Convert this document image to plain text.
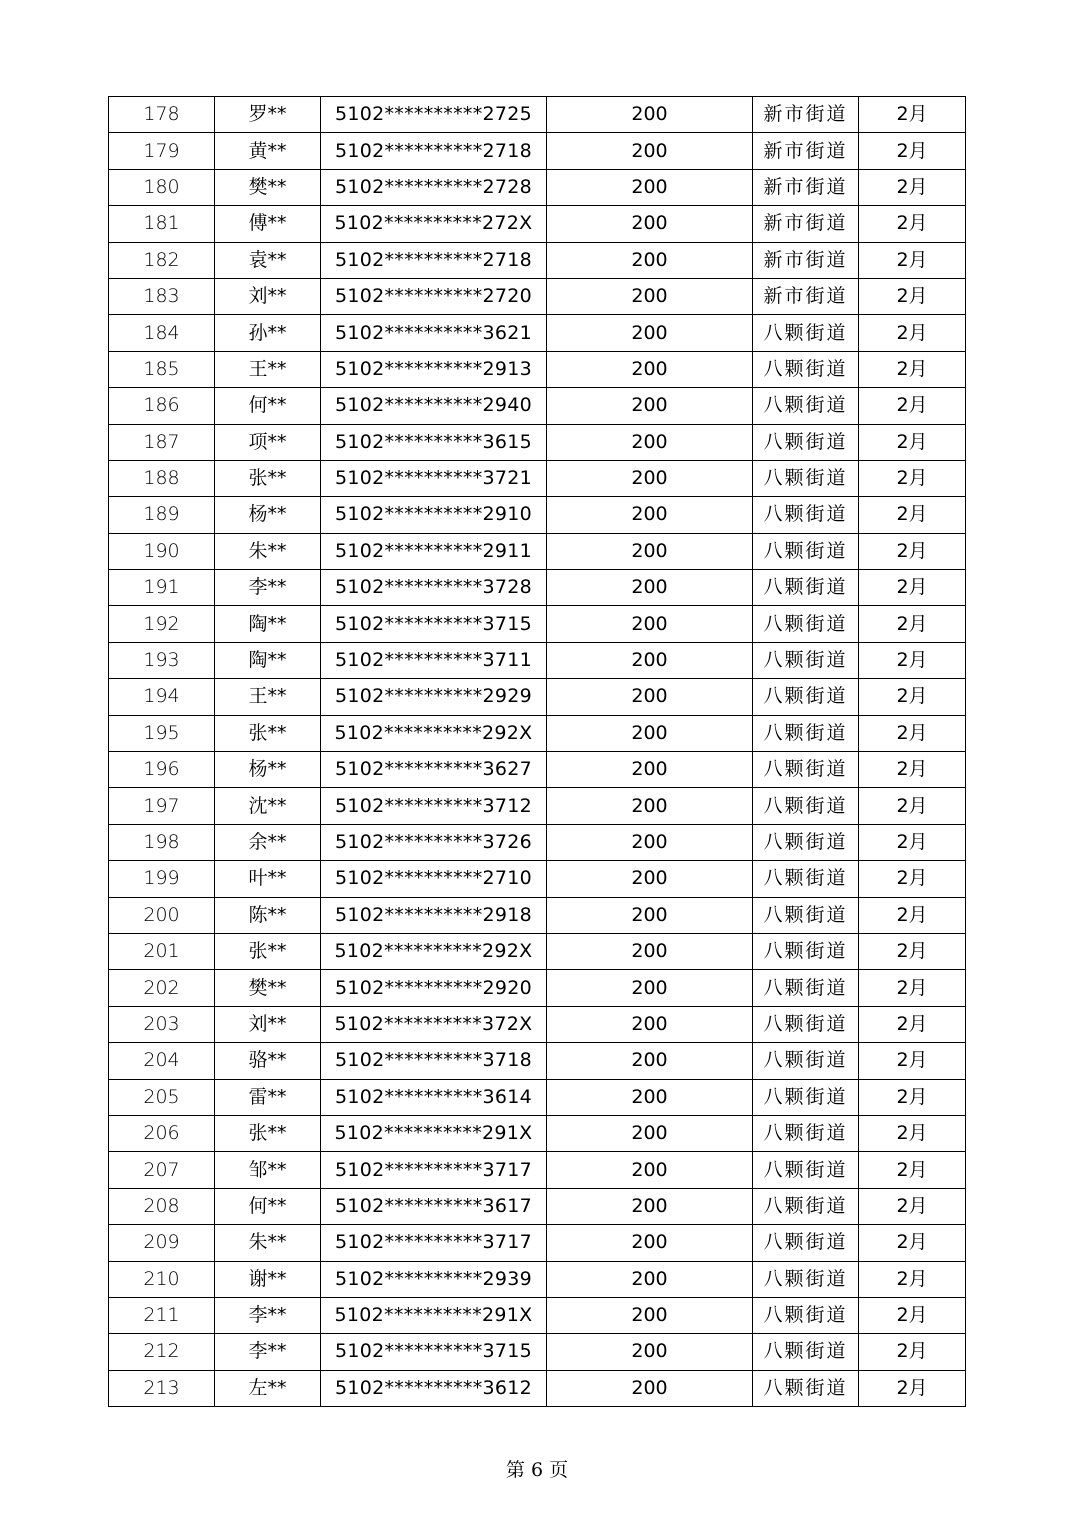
178	罗**	5102**********2725	200	新市街道	2月
179	黄**	5102**********2718	200	新市街道	2月
180	樊**	5102**********2728	200	新市街道	2月
181	傅**	5102**********272X	200	新市街道	2月
182	袁**	5102**********2718	200	新市街道	2月
183	刘**	5102**********2720	200	新市街道	2月
184	孙**	5102**********3621	200	八颗街道	2月
185	王**	5102**********2913	200	八颗街道	2月
186	何**	5102**********2940	200	八颗街道	2月
187	项**	5102**********3615	200	八颗街道	2月
188	张**	5102**********3721	200	八颗街道	2月
189	杨**	5102**********2910	200	八颗街道	2月
190	朱**	5102**********2911	200	八颗街道	2月
191	李**	5102**********3728	200	八颗街道	2月
192	陶**	5102**********3715	200	八颗街道	2月
193	陶**	5102**********3711	200	八颗街道	2月
194	王**	5102**********2929	200	八颗街道	2月
195	张**	5102**********292X	200	八颗街道	2月
196	杨**	5102**********3627	200	八颗街道	2月
197	沈**	5102**********3712	200	八颗街道	2月
198	余**	5102**********3726	200	八颗街道	2月
199	叶**	5102**********2710	200	八颗街道	2月
200	陈**	5102**********2918	200	八颗街道	2月
201	张**	5102**********292X	200	八颗街道	2月
202	樊**	5102**********2920	200	八颗街道	2月
203	刘**	5102**********372X	200	八颗街道	2月
204	骆**	5102**********3718	200	八颗街道	2月
205	雷**	5102**********3614	200	八颗街道	2月
206	张**	5102**********291X	200	八颗街道	2月
207	邹**	5102**********3717	200	八颗街道	2月
208	何**	5102**********3617	200	八颗街道	2月
209	朱**	5102**********3717	200	八颗街道	2月
210	谢**	5102**********2939	200	八颗街道	2月
211	李**	5102**********291X	200	八颗街道	2月
212	李**	5102**********3715	200	八颗街道	2月
213	左**	5102**********3612	200	八颗街道	2月
第 6 页
